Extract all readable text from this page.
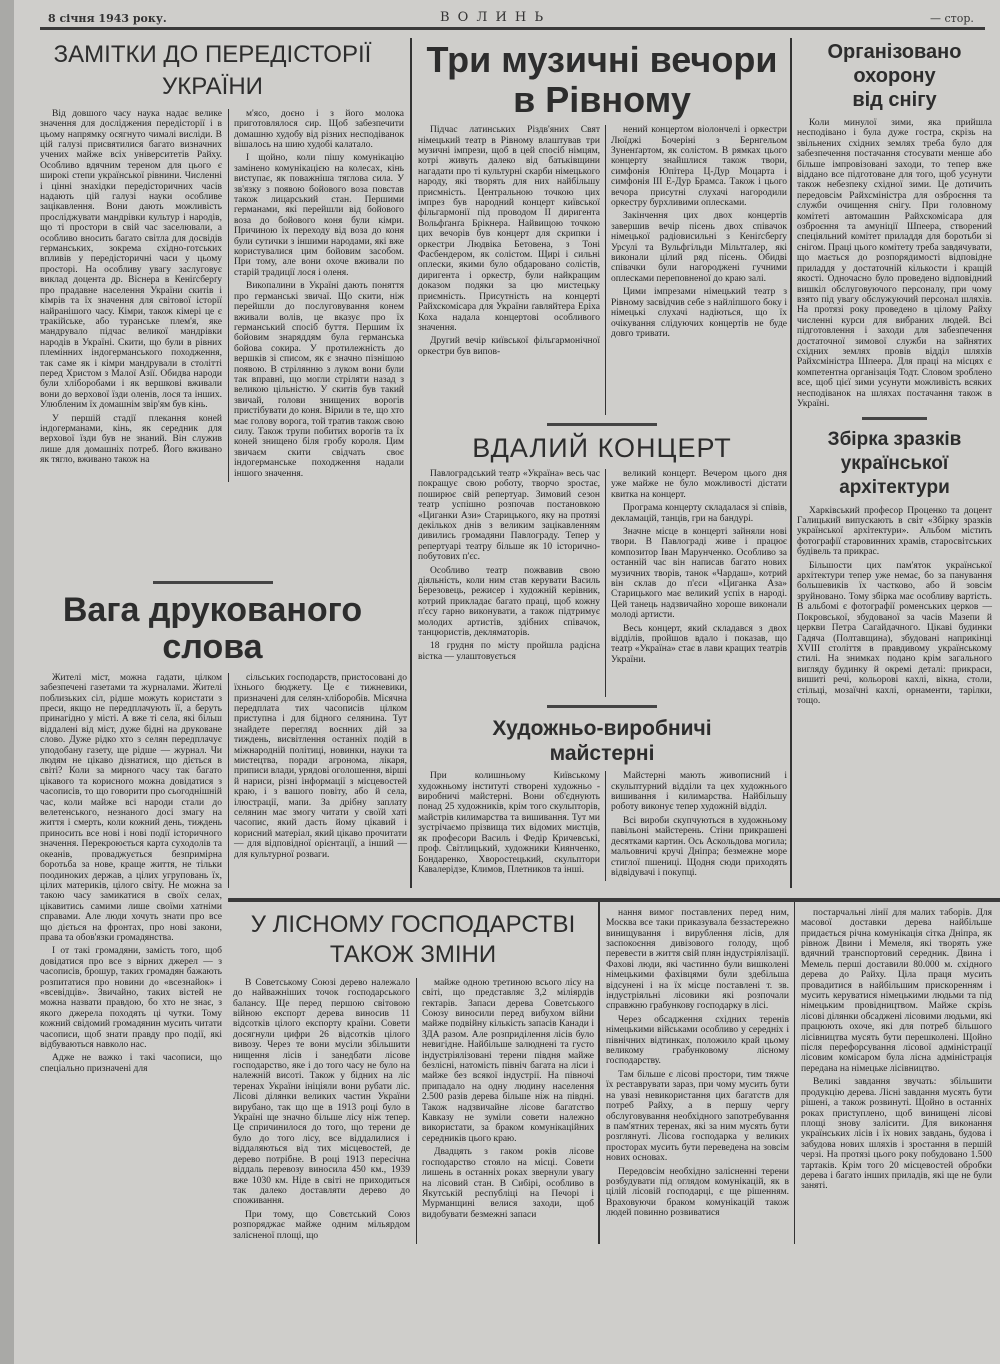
8 січня 1943 року.	В О Л И Н Ь	— стор.
ЗАМІТКИ ДО ПЕРЕДІСТОРІЇ
УКРАЇНИ

Від довшого часу наука надає велике значення для досліджения передісторії і в цьому напрямку осягнуто чималі висліди. В цій галузі присвятилися багато визначних учених майже всіх університетів Райху. Особливо вдячним тереном для цього є широкі степи української рівнини. Численні і цінні знахідки передісторичних часів надають цій галузі науки особливе зацікавлення. Вони дають можливість просліджувати мандрівки культур і народів, що ті простори в свій час заселювали, а особливо вносить багато світла для досвідів германських, зокрема східно-готських впливів у передісторичні часи у цьому просторі. На особливу увагу заслуговує виклад доцента др. Віснера в Кеніґсберґу про прадавне населення України скитів і кімрів та їх значення для світової історії найранішого часу. Кімри, також кімері це є тракійське, або туранське плем'я, яке мандрувало підчас великої мандрівки народів в Україні. Скити, що були в рівних племінних індогерманського походження, так саме як і кімри мандрували в столітті перед Христом з Малої Азії. Обидва народи були хліборобами і як вершкові вживали вони до верхової їзди оленів, лося та інших. Улюбленим їх домашнім звір'ям був кінь.

У першій стадії плекання коней індогерманами, кінь, як середник для верхової їзди був не знаний. Він служив лише для домашніх потреб. Його вживано як тягло, вживано також на

м'ясо, доєно і з його молока приготовлялося сир. Щоб забезпечити домашню худобу від різних несподіванок вішалось на шию худобі калатало.

І щойно, коли пішу комунікацію замінено комунікацією на колесах, кінь виступає, як поважніша тяглова сила. У зв'язку з появою бойового воза повстав також лицарський стан. Першими германами, які перейшли від бойового воза до бойового коня були кімри. Причиною їх переходу від воза до коня були сутички з іншими народами, які вже користувалися цим бойовим засобом. При тому, але вони охоче вживали по старій традиції лося і оленя.

Викопалини в Україні дають поняття про германські звичаї. Що скити, ніж перейшли до послуговування конем вживали волів, це вказує про їх германський спосіб буття. Першим їх бойовим знаряддям була германська бойова сокира. У протилежність до вершків зі списом, як є значно пізнішою появою. В стрілянню з луком вони були так вправні, що могли стріляти назад з великою цільністю. У скитів був такий звичай, голови знищених ворогів пристібувати до коня. Вірили в те, що хто має голову ворога, той тратив також свою силу. Також трупи побитих ворогів та їх коней знищено біля гробу короля. Цим звичаєм скити свідчать своє індогерманське походження надали іншого значення.

Вага друкованого
слова

Жителі міст, можна гадати, цілком забезпечені газетами та журналами. Жителі поблизьких сіл, рідше можуть користати з преси, якщо не передплачують її, а беруть принагідно у місті. А вже ті села, які більш віддалені від міст, дуже бідні на друковане слово. Дуже рідко хто з селян передплачує уподобану газету, ще рідше — журнал. Чи людям не цікаво дізнатися, що діється в світі? Коли за мирного часу так багато цікавого та корисного можна довідатися з часописів, то що говорити про сьогоднішній час, коли майже всі народи стали до велетенського, незнаного досі змагу на життя і смерть, коли кожний день, тиждень приносить все нові і нові події історичного значення. Перекроюється карта суходолів та океанів, проваджується безпримірна боротьба за нове, краще життя, не тільки поодиноких держав, а цілих угруповань їх, цілих материків, цілого світу. Не можна за такою часу замикатися в своїх селах, цікавитись самими лише своїми хатніми справами. Але люди хочуть знати про все що діється на фронтах, про нові закони, права та обов'язки громадянства.

І от такі громадяни, замість того, щоб довідатися про все з вірних джерел — з часописів, брошур, таких громадян бажають розпитатися про новини до «всезнайок» і «всевідців». Звичайно, таких вістей не можна назвати правдою, бо хто не знає, з якого джерела походять ці чутки. Тому кожний свідомий громадянин мусить читати часописи, щоб знати правду про події, які відбуваються навколо нас.

Адже не важко і такі часописи, що спеціально призначені для

сільських господарств, пристосовані до їхнього бюджету. Це є тижневики, призначені для селян-хліборобів. Місячна передплата тих часописів цілком приступна і для бідного селянина. Тут знайдете перегляд воєнних дій за тиждень, висвітлення останніх подій в міжнародній політиці, новинки, науки та мистецтва, поради агронома, лікаря, приписи влади, урядові оголошення, вірші й нариси, різні інформації з місцевостей краю, і з вашого повіту, або й села, ілюстрації, мапи. За дрібну заплату селянин має змогу читати у своїй хаті часопис, який дасть йому цікавий і корисний матеріал, який цікаво прочитати — для відповідної орієнтації, а інший — для культурної розваги.

Три музичні вечори
в Рівному

Підчас латинських Різдв'яних Свят німецький театр в Рівному влаштував три музичні імпрези, щоб в цей спосіб німцям, котрі живуть далеко від батьківщини нагадати про ті культурні скарби німецького народу, які творять для них найбільшу присмність. Центральною точкою цих імпрез був народний концерт київської фільгармонії під проводом II диригента Вольфґанґа Брікнера. Найвищою точкою цих вечорів був концерт для скрипки і оркестри Людвіка Бетовена, з Тоні Фасбендером, як солістом. Щирі і сильні оплески, якими було обдаровано солістів, диригента і оркестр, були найкращим доказом подяки за цю мистецьку приємність. Присутність на концерті Райхскомісара для України ґавляйтера Еріха Коха надала концертові особливого значення.

Другий вечір київської фільгармонічної оркестри був випов-

нений концертом віолончелі і оркестри Люїджі Бочеріні з Бернгельом Зуненґартом, як солістом. В рямках цього концерту знайшлися також твори, симфонія Юпітера Ц-Дур Моцарта і симфонія III Е-Дур Брамса. Також і цього вечора присутні слухачі нагородили оркестру бурхливими оплесками.

Закінчення цих двох концертів завершив вечір пісень двох співачок німецької радіовисильні з Кеніґсберґу Урсулі та Вульфгільди Мільтґалер, які виконали цілий ряд пісень. Обидві співачки були нагороджені гучними оплесками переповненої до краю залі.

Цими імпрезами німецький театр з Рівному засвідчив себе з найліпшого боку і німецькі слухачі надіються, що їх очікування слідуючих концертів не буде довго тривати.

ВДАЛИЙ КОНЦЕРТ

Павлоградський театр «Україна» весь час покращує свою роботу, творчо зростає, поширює свій репертуар. Зимовий сезон театр успішно розпочав постановкою «Циганки Ази» Старицького, яку на протязі декількох днів з великим зацікавленням дивились громадяни Павлограду. Тепер у репертуарі театру більше як 10 історично-побутових п'єс.

Особливо театр пожвавив свою діяльність, коли ним став керувати Василь Березовець, режисер і художній керівник, котрий прикладає багато праці, щоб кожну п'єсу гарно виконувати, а також підтримує молодих артистів, здібних співачок, танцюристів, декляматорів.

18 грудня по місту пройшла радісна вістка — улаштовується

великий концерт. Вечером цього дня уже майже не було можливості дістати квитка на концерт.

Програма концерту складалася зі співів, декламацій, танців, гри на бандурі.

Значне місце в концерті зайняли нові твори. В Павлограді живе і працює композитор Іван Марунченко. Особливо за останній час він написав багато нових музичних творів, танок «Чардаш», котрий він склав до п'єси «Циганка Аза» Старицького має великий успіх в народі. Цей танець надзвичайно хороше виконали молоді артисти.

Весь концерт, який складався з двох відділів, пройшов вдало і показав, що театр «Україна» стає в лави кращих театрів України.

Художньо-виробничі
майстерні

При колишньому Київському художньому інституті створені художньо - виробничі майстерні. Вони об'єднують понад 25 художників, крім того скульпторів, майстрів килимарства та вишивання. Тут ми зустрічаємо прізвища тих відомих мистців, як професори Василь і Федір Кричевські, проф. Світлицький, художники Киянченко, Бондаренко, Хворостецький, скульптори Кавалерідзе, Климов, Плетников та інші.

Майстерні мають живописний і скульптурний відділи та цех художнього вишивання і килимарства. Найбільшу роботу виконує тепер художній відділ.

Всі вироби скупчуються в художньому павільоні майстерень. Стіни прикрашені десятками картин. Ось Аскольдова могила; мальовничі кручі Дніпра; безмежне море стиглої пшениці. Щодня сюди приходять відвідувачі і покупці.

Організовано
охорону
від снігу

Коли минулої зими, яка прийшла несподівано і була дуже гостра, скрізь на звільнених східних землях треба було для забезпечення постачання стосувати менше або більше імпровізовані заходи, то тепер вже віддано все підготоване для того, щоб усунути також небезпеку східної зими. Це дотичить передовсім Райхсміністра для озброєння та служби очищення снігу. При головному комітеті автомашин Райхскомісара для озброєння та амуніції Шпеера, створений спеціяльний комітет приладдя для боротьби зі снігом. Праці цього комітету треба завдячувати, що мається до розпорядимості відповідне приладдя у достаточній кількости і кращій якості. Одночасно було проведено відповідний вишкіл обслуговуючого персоналу, при чому взято під увагу обслужуючий персонал шляхів. На протязі року проведено в цілому Райху численні курси для вибраних людей. Всі підготовлення і заходи для забезпечення достаточної зимової служби на зайнятих східних землях провів відділ шляхів Райхсміністра Шпеера. Для праці на місцях є компетентна організація Тодт. Словом зроблено все, щоб цієї зими усунути можливість всяких несподіванок на шляхах постачання також в Україні.

Збірка зразків
української
архітектури

Харківський професор Проценко та доцент Галицький випускають в світ «Збірку зразків української архітектури». Альбом містить фотографії старовинних храмів, старосвітських будівель та прикрас.

Більшости цих пам'яток української архітектури тепер уже немає, бо за панування большевиків їх частково, або й зовсім зруйновано. Тому збірка має особливу вартість. В альбомі є фотографії роменських церков — Покровської, збудованої за часів Мазепи й церкви Петра Сагайдачного. Цікаві будинки Гадяча (Полтавщина), збудовані наприкінці XVIII століття в правдивому українському стилі. На знимках подано крім загального вигляду будинку й окремі деталі: прикраси, вишиті речі, кольорові кахлі, вікна, столи, стільці, мозаїчні кахлі, орнаменти, тарілки, тощо.

У ЛІСНОМУ ГОСПОДАРСТВІ
ТАКОЖ ЗМІНИ

В Советському Союзі дерево належало до найважніших точок господарського балансу. Ще перед першою світовою війною експорт дерева виносив 11 відсотків цілого експорту країни. Совети досягнули цифри 26 відсотків цілого вивозу. Через те вони мусіли збільшити нищення лісів і занедбати лісове господарство, яке і до того часу не було на належній висоті. Також у бідних на ліс теренах України ініціяли вони рубати ліс. Лісові ділянки великих частин України вирубано, так що ще в 1913 році було в Україні ще значно більше лісу ніж тепер. Це спричинилося до того, що терени де було до того лісу, все віддалилися і віддаляються від тих місцевостей, де дерево потрібне. В році 1913 пересічна віддаль перевозу виносила 450 км., 1939 вже 1030 км. Ніде в світі не приходиться так далеко доставляти дерево до споживання.

При тому, що Совєтський Союз розпоряджає майже одним мільярдом залісненої площі, що

майже одною третиною всього лісу на світі, що представляє 3,2 міліярдів гектарів. Запаси дерева Советського Союзу виносили перед вибухом війни майже подвійну кількість запасів Канади і ЗДА разом. Але розприділення лісів було невигідне. Найбільше залюднені та густо індустріялізовані терени півдня майже безлісні, натомість північ багата на ліси і майже без всякої індустрії. На півночі припадало на одну людину населення 2.500 разів дерева більше ніж на півдні. Також надзвичайне лісове багатство Кавказу не зуміли совети належно використати, за браком комунікаційних середників цього краю.

Двадцять з гаком років лісове господарство стояло на місці. Совети лишень в останніх роках звернули увагу на лісовий стан. В Сибірі, особливо в Якутській республіці на Печорі і Мурманщині велися заходи, щоб видобувати безмежні запаси

нання вимог поставлених перед ним, Москва все таки приказувала беззастережно винищування і вирублення лісів, для заспокоєння дивізового голоду, щоб перевести в життя свій плян індустріялізації. Фахові люди, які частинно були вишколені німецькими фахівцями були здебільша відсунені і на їх місце поставлені т. зв. індустріяльні лісовики які розпочали справжню грабункову господарку в лісі.

Через обсадження східних теренів німецькими військами особливо у середніх і північних відтинках, положило край цьому великому грабунковому лісному господарству.

Там більше є лісові простори, тим тяжче їх реставрувати зараз, при чому мусить бути на увазі невикористання цих багатств для потреб Райху, а в першу чергу обслуговування необхідного запотребування в пам'ятних теренах, які за ним мусять бути розглянуті. Лісова господарка у великих просторах мусить бути переведена на зовсім нових основах.

Передовсім необхідно залісненні терени розбудувати під оглядом комунікацій, як в цілій лісовій господарці, є ще рішенням. Враховуючи браком комунікацій також людей повинно розвиватися

постарчальні лінії для малих таборів. Для масової доставки дерева найбільше придається річна комунікація сітка Дніпра, як рівнож Двини і Мемеля, які творять уже вдячний транспортовий середник. Двина і Мемель перші доставили 80.000 м. східного дерева до Райху. Ціла праця мусить провадитися в найбільшим прискоренням і мусить керуватися німецькими людьми та під німецьким провідництвом. Майже скрізь лісові ділянки обсаджені лісовими людьми, які працюють охоче, які для потреб більшого лісівництва мусять бути перешколені. Щойно після перефорсування лісової адміністрації лісовим комісаром була лісна адміністрація передана на німецьке лісівництво.

Великі завдання звучать: збільшити продукцію дерева. Лісні завдання мусять бути рішені, а також розвинуті. Щойно в останніх роках приступлено, щоб винищені лісові площі знову залісити. Для виконання українських лісів і їх нових завдань, будова і забудова нових шляхів і зростання в першій черзі. На протязі цього року побудовано 1.500 тартаків. Крім того 20 місцевостей обробки дерева і багато інших приладів, які ще не були заняті.
